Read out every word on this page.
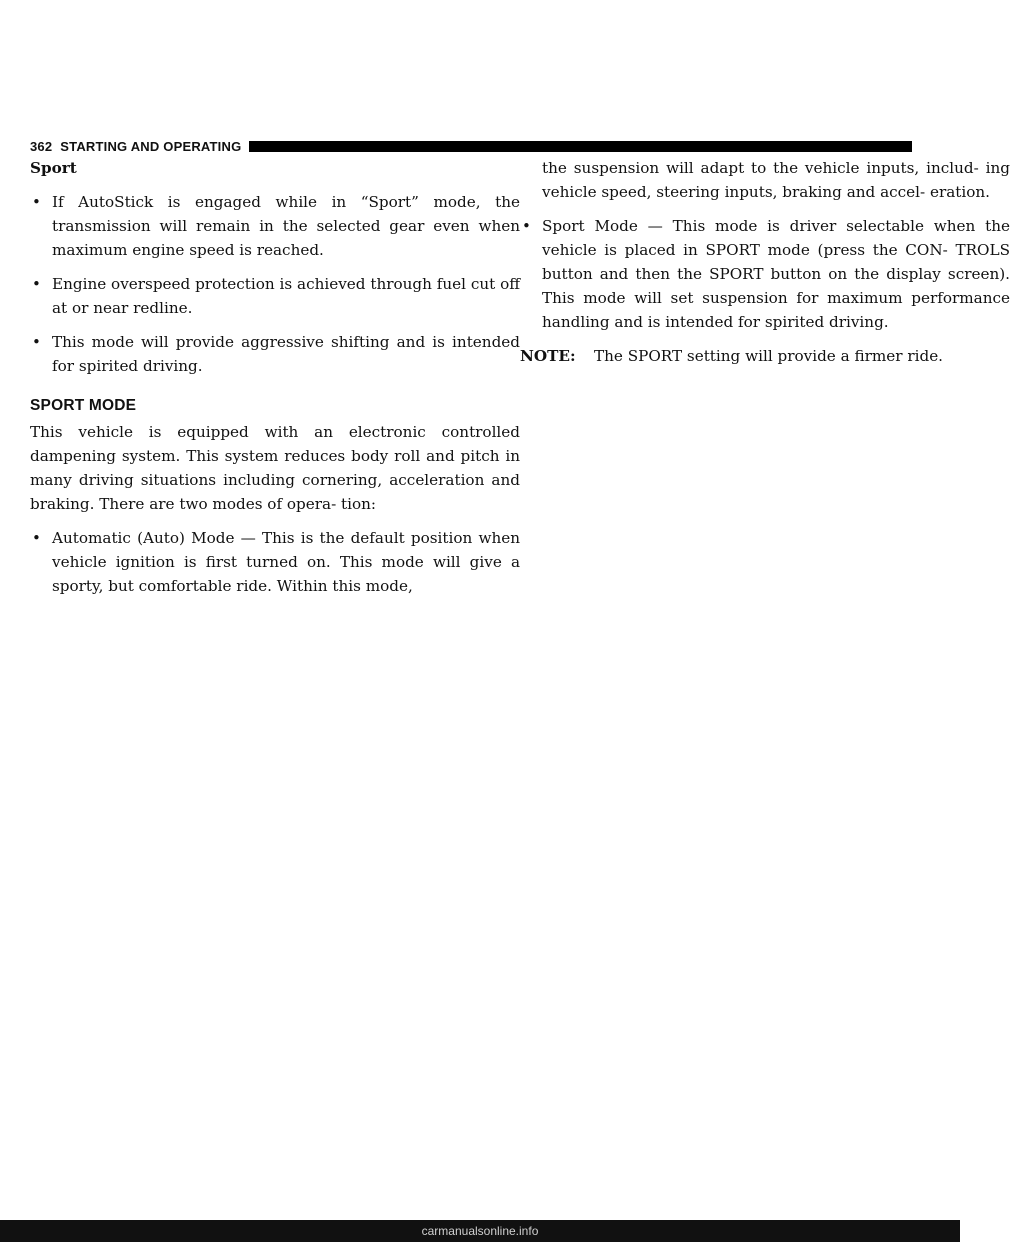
362 STARTING AND OPERATING
Sport
• If AutoStick is engaged while in “Sport” mode, the transmission will remain in the selected gear even when maximum engine speed is reached.
• Engine overspeed protection is achieved through fuel cut off at or near redline.
• This mode will provide aggressive shifting and is intended for spirited driving.
SPORT MODE

This vehicle is equipped with an electronic controlled dampening system. This system reduces body roll and pitch in many driving situations including cornering, acceleration and braking. There are two modes of opera- tion:

• Automatic (Auto) Mode — This is the default position when vehicle ignition is first turned on. This mode will give a sporty, but comfortable ride. Within this mode,
the suspension will adapt to the vehicle inputs, includ- ing vehicle speed, steering inputs, braking and accel- eration.
• Sport Mode — This mode is driver selectable when the vehicle is placed in SPORT mode (press the CON- TROLS button and then the SPORT button on the display screen). This mode will set suspension for maximum performance handling and is intended for spirited driving.
NOTE:	The SPORT setting will provide a firmer ride.
carmanualsonline.info
